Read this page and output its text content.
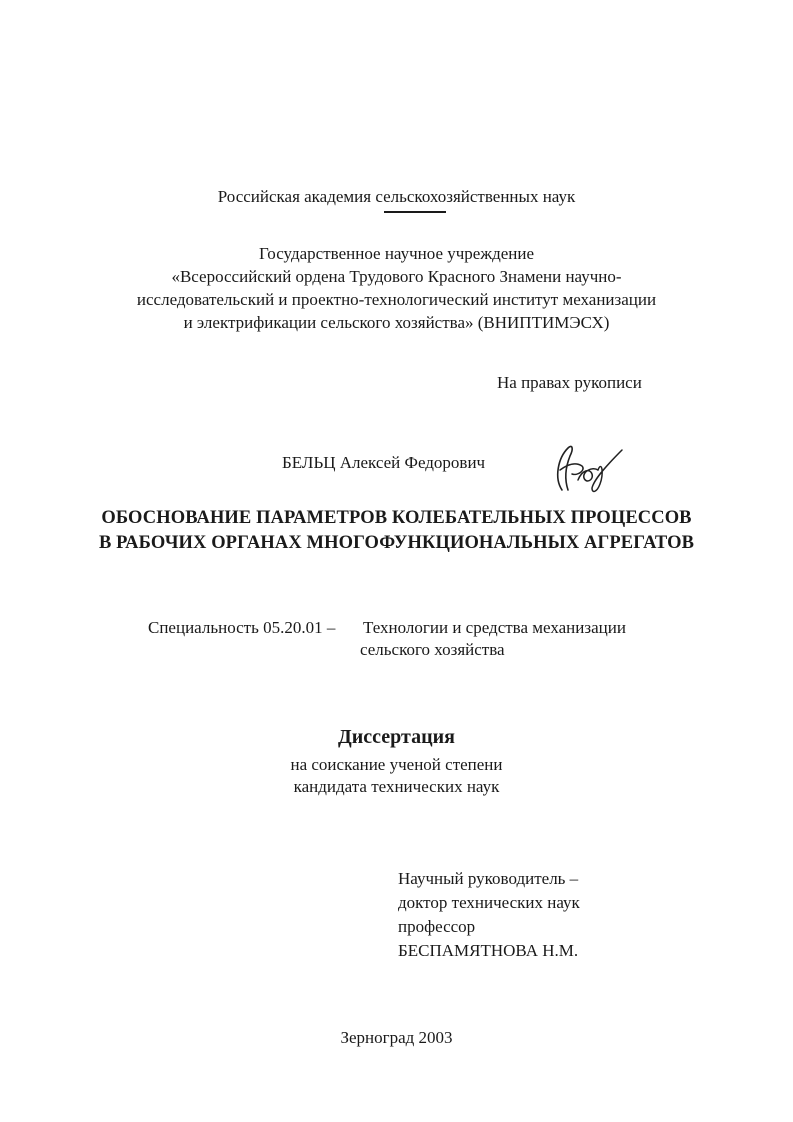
Российская академия сельскохозяйственных наук
Государственное научное учреждение
«Всероссийский ордена Трудового Красного Знамени научно-
исследовательский и проектно-технологический институт механизации
и электрификации сельского хозяйства» (ВНИПТИМЭСХ)
На правах рукописи
БЕЛЬЦ Алексей Федорович
ОБОСНОВАНИЕ ПАРАМЕТРОВ КОЛЕБАТЕЛЬНЫХ ПРОЦЕССОВ
В РАБОЧИХ ОРГАНАХ МНОГОФУНКЦИОНАЛЬНЫХ АГРЕГАТОВ
Специальность 05.20.01 – Технологии и средства механизации
сельского хозяйства
Диссертация
на соискание ученой степени
кандидата технических наук
Научный руководитель –
доктор технических наук
профессор
БЕСПАМЯТНОВА Н.М.
Зерноград 2003
